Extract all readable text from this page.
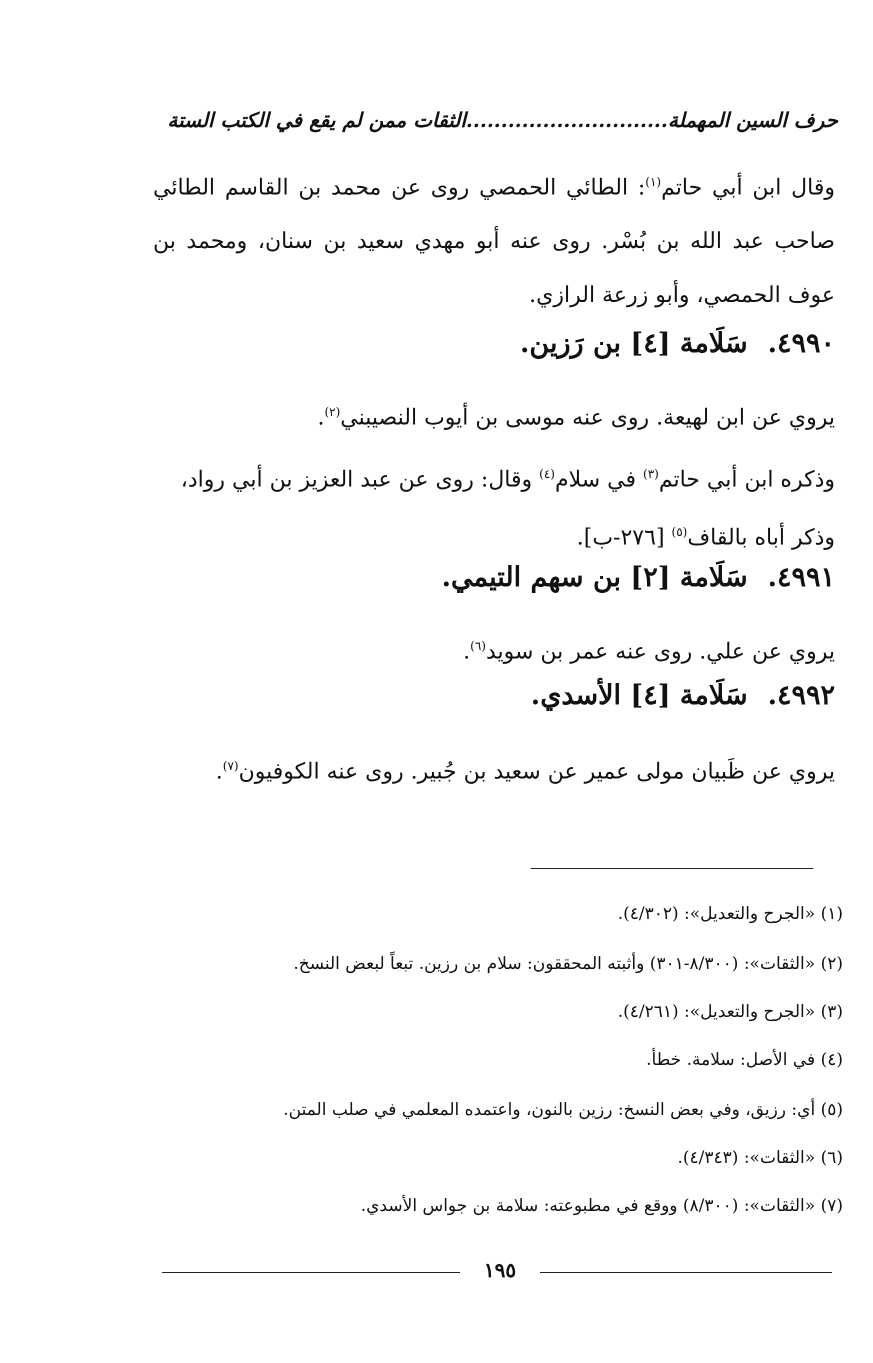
حرف السين المهملة.............................الثقات ممن لم يقع في الكتب الستة
وقال ابن أبي حاتم$^{(١)}$: الطائي الحمصي روى عن محمد بن القاسم الطائي صاحب عبد الله بن بُسْر. روى عنه أبو مهدي سعيد بن سنان، ومحمد بن عوف الحمصي، وأبو زرعة الرازي.
٤٩٩٠.سَلَامة [٤] بن رَزين.
يروي عن ابن لهيعة. روى عنه موسى بن أيوب النصيبني$^{(٢)}$.
وذكره ابن أبي حاتم$^{(٣)}$ في سلام$^{(٤)}$ وقال: روى عن عبد العزيز بن أبي رواد، وذكر أباه بالقاف$^{(٥)}$ [٢٧٦-ب].
٤٩٩١.سَلَامة [٢] بن سهم التيمي.
يروي عن علي. روى عنه عمر بن سويد$^{(٦)}$.
٤٩٩٢.سَلَامة [٤] الأسدي.
يروي عن ظَبيان مولى عمير عن سعيد بن جُبير. روى عنه الكوفيون$^{(٧)}$.
(١) «الجرح والتعديل»: (٤/٣٠٢).
(٢) «الثقات»: (٨/٣٠٠-٣٠١) وأثبته المحققون: سلام بن رزين. تبعاً لبعض النسخ.
(٣) «الجرح والتعديل»: (٤/٢٦١).
(٤) في الأصل: سلامة. خطأ.
(٥) أي: رزيق، وفي بعض النسخ: رزين بالنون، واعتمده المعلمي في صلب المتن.
(٦) «الثقات»: (٤/٣٤٣).
(٧) «الثقات»: (٨/٣٠٠) ووقع في مطبوعته: سلامة بن جواس الأسدي.
١٩٥
